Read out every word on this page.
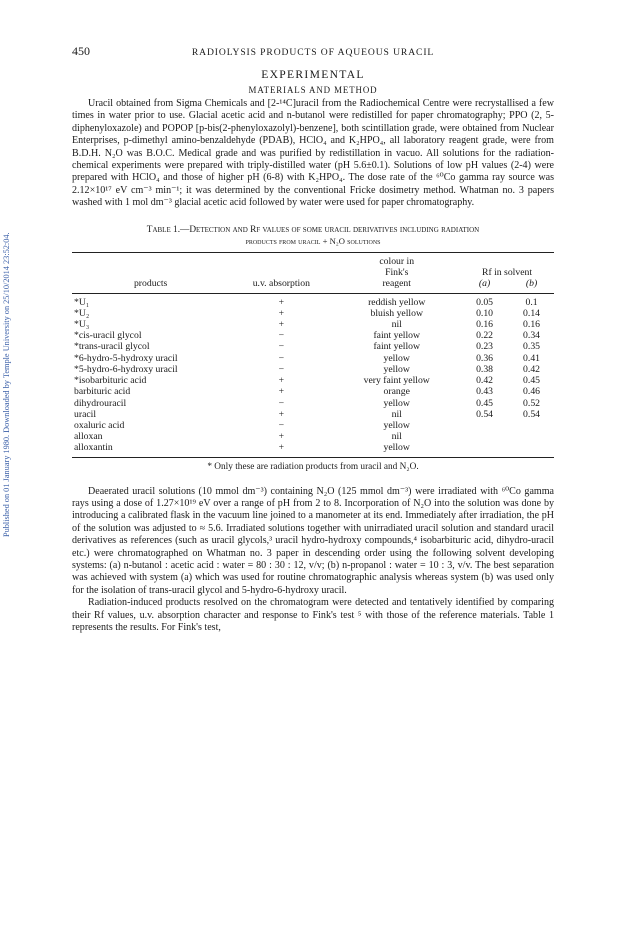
Published on 01 January 1980. Downloaded by Temple University on 25/10/2014 23:52:04.
450	RADIOLYSIS PRODUCTS OF AQUEOUS URACIL
EXPERIMENTAL
MATERIALS AND METHOD

Uracil obtained from Sigma Chemicals and [2-¹⁴C]uracil from the Radiochemical Centre were recrystallised a few times in water prior to use. Glacial acetic acid and n-butanol were redistilled for paper chromatography; PPO (2, 5-diphenyloxazole) and POPOP [p-bis(2-phenyloxazolyl)-benzene], both scintillation grade, were obtained from Nuclear Enterprises, p-dimethyl amino-benzaldehyde (PDAB), HClO₄ and K₂HPO₄, all laboratory reagent grade, were from B.D.H. N₂O was B.O.C. Medical grade and was purified by redistillation in vacuo. All solutions for the radiation-chemical experiments were prepared with triply-distilled water (pH 5.6±0.1). Solutions of low pH values (2-4) were prepared with HClO₄ and those of higher pH (6-8) with K₂HPO₄. The dose rate of the ⁶⁰Co gamma ray source was 2.12×10¹⁷ eV cm⁻³ min⁻¹; it was determined by the conventional Fricke dosimetry method. Whatman no. 3 papers washed with 1 mol dm⁻³ glacial acetic acid followed by water were used for paper chromatography.

Table 1.—Detection and Rf values of some uracil derivatives including radiation
products from uracil + N₂O solutions
		colour in		
		Fink's	Rf in solvent	
products	u.v. absorption	reagent	(a)	(b)
*U₁	+	reddish yellow	0.05	0.1
*U₂	+	bluish yellow	0.10	0.14
*U₃	+	nil	0.16	0.16
*cis-uracil glycol	−	faint yellow	0.22	0.34
*trans-uracil glycol	−	faint yellow	0.23	0.35
*6-hydro-5-hydroxy uracil	−	yellow	0.36	0.41
*5-hydro-6-hydroxy uracil	−	yellow	0.38	0.42
*isobarbituric acid	+	very faint yellow	0.42	0.45
barbituric acid	+	orange	0.43	0.46
dihydrouracil	−	yellow	0.45	0.52
uracil	+	nil	0.54	0.54
oxaluric acid	−	yellow		
alloxan	+	nil		
alloxantin	+	yellow		
* Only these are radiation products from uracil and N₂O.

Deaerated uracil solutions (10 mmol dm⁻³) containing N₂O (125 mmol dm⁻³) were irradiated with ⁶⁰Co gamma rays using a dose of 1.27×10¹⁹ eV over a range of pH from 2 to 8. Incorporation of N₂O into the solution was done by introducing a calibrated flask in the vacuum line joined to a manometer at its end. Immediately after irradiation, the pH of the solution was adjusted to ≈ 5.6. Irradiated solutions together with unirradiated uracil solution and standard uracil derivatives as references (such as uracil glycols,³ uracil hydro-hydroxy compounds,⁴ isobarbituric acid, dihydro-uracil etc.) were chromatographed on Whatman no. 3 paper in descending order using the following solvent developing systems: (a) n-butanol : acetic acid : water = 80 : 30 : 12, v/v; (b) n-propanol : water = 10 : 3, v/v. The best separation was achieved with system (a) which was used for routine chromatographic analysis whereas system (b) was used only for the isolation of trans-uracil glycol and 5-hydro-6-hydroxy uracil.

Radiation-induced products resolved on the chromatogram were detected and tentatively identified by comparing their Rf values, u.v. absorption character and response to Fink's test ⁵ with those of the reference materials. Table 1 represents the results. For Fink's test,
